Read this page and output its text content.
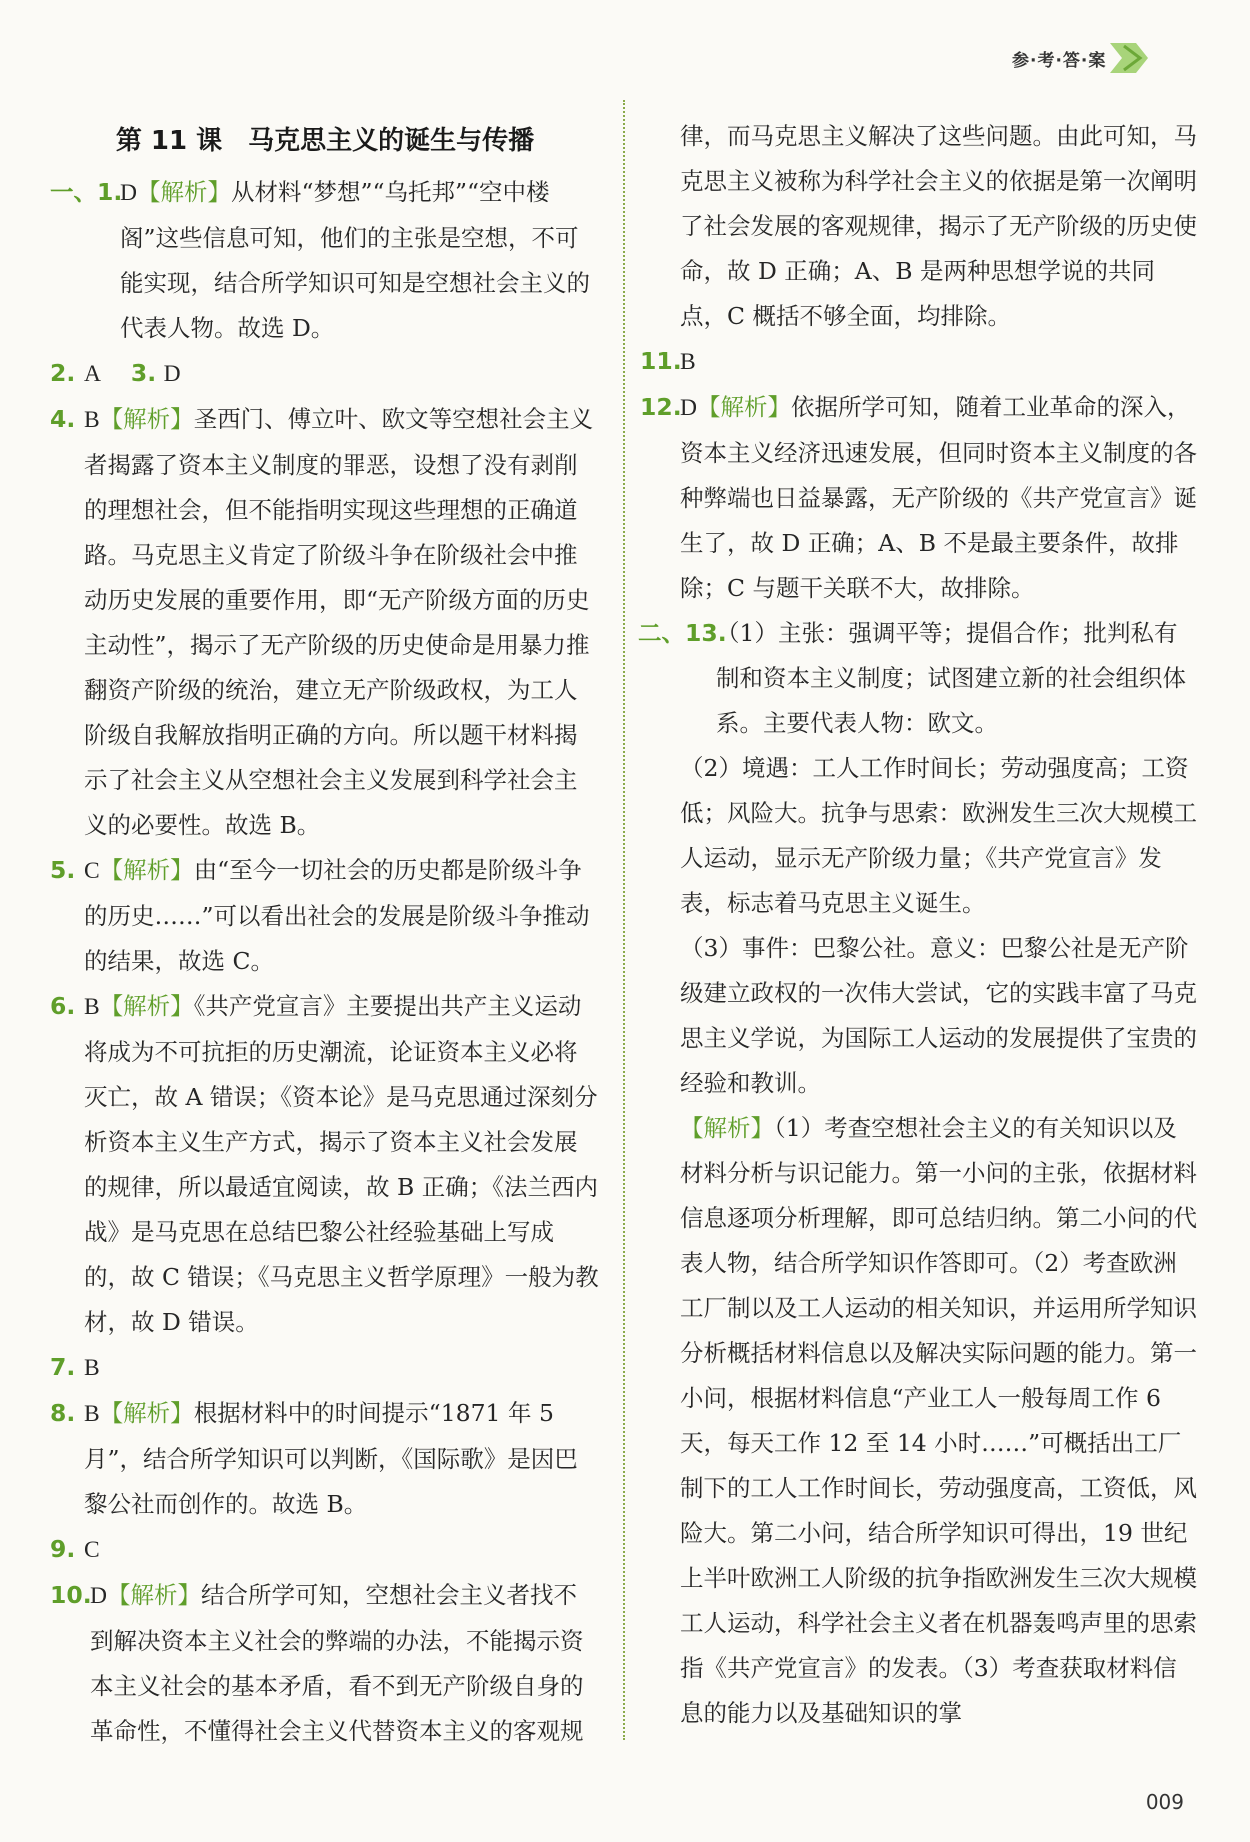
参·考·答·案
第 11 课　马克思主义的诞生与传播

一、1.
D【解析】从材料“梦想”“乌托邦”“空中楼阁”这些信息可知，他们的主张是空想，不可能实现，结合所学知识可知是空想社会主义的代表人物。故选 D。

2. A 3. D

4. B【解析】圣西门、傅立叶、欧文等空想社会主义者揭露了资本主义制度的罪恶，设想了没有剥削的理想社会，但不能指明实现这些理想的正确道路。马克思主义肯定了阶级斗争在阶级社会中推动历史发展的重要作用，即“无产阶级方面的历史主动性”，揭示了无产阶级的历史使命是用暴力推翻资产阶级的统治，建立无产阶级政权，为工人阶级自我解放指明正确的方向。所以题干材料揭示了社会主义从空想社会主义发展到科学社会主义的必要性。故选 B。

5. C【解析】由“至今一切社会的历史都是阶级斗争的历史……”可以看出社会的发展是阶级斗争推动的结果，故选 C。

6. B【解析】《共产党宣言》主要提出共产主义运动将成为不可抗拒的历史潮流，论证资本主义必将灭亡，故 A 错误；《资本论》是马克思通过深刻分析资本主义生产方式，揭示了资本主义社会发展的规律，所以最适宜阅读，故 B 正确；《法兰西内战》是马克思在总结巴黎公社经验基础上写成的，故 C 错误；《马克思主义哲学原理》一般为教材，故 D 错误。

7. B

8. B【解析】根据材料中的时间提示“1871 年 5 月”，结合所学知识可以判断，《国际歌》是因巴黎公社而创作的。故选 B。

9. C

10.
D【解析】结合所学可知，空想社会主义者找不到解决资本主义社会的弊端的办法，不能揭示资本主义社会的基本矛盾，看不到无产阶级自身的革命性，不懂得社会主义代替资本主义的客观规

律，而马克思主义解决了这些问题。由此可知，马克思主义被称为科学社会主义的依据是第一次阐明了社会发展的客观规律，揭示了无产阶级的历史使命，故 D 正确；A、B 是两种思想学说的共同点，C 概括不够全面，均排除。

11.
B

12.
D【解析】依据所学可知，随着工业革命的深入，资本主义经济迅速发展，但同时资本主义制度的各种弊端也日益暴露，无产阶级的《共产党宣言》诞生了，故 D 正确；A、B 不是最主要条件，故排除；C 与题干关联不大，故排除。

二、13.

（1）主张：强调平等；提倡合作；批判私有制和资本主义制度；试图建立新的社会组织体系。主要代表人物：欧文。

（2）境遇：工人工作时间长；劳动强度高；工资低；风险大。抗争与思索：欧洲发生三次大规模工人运动，显示无产阶级力量；《共产党宣言》发表，标志着马克思主义诞生。

（3）事件：巴黎公社。意义：巴黎公社是无产阶级建立政权的一次伟大尝试，它的实践丰富了马克思主义学说，为国际工人运动的发展提供了宝贵的经验和教训。

【解析】（1）考查空想社会主义的有关知识以及材料分析与识记能力。第一小问的主张，依据材料信息逐项分析理解，即可总结归纳。第二小问的代表人物，结合所学知识作答即可。（2）考查欧洲工厂制以及工人运动的相关知识，并运用所学知识分析概括材料信息以及解决实际问题的能力。第一小问，根据材料信息“产业工人一般每周工作 6 天，每天工作 12 至 14 小时……”可概括出工厂制下的工人工作时间长，劳动强度高，工资低，风险大。第二小问，结合所学知识可得出，19 世纪上半叶欧洲工人阶级的抗争指欧洲发生三次大规模工人运动，科学社会主义者在机器轰鸣声里的思索指《共产党宣言》的发表。（3）考查获取材料信息的能力以及基础知识的掌

009
